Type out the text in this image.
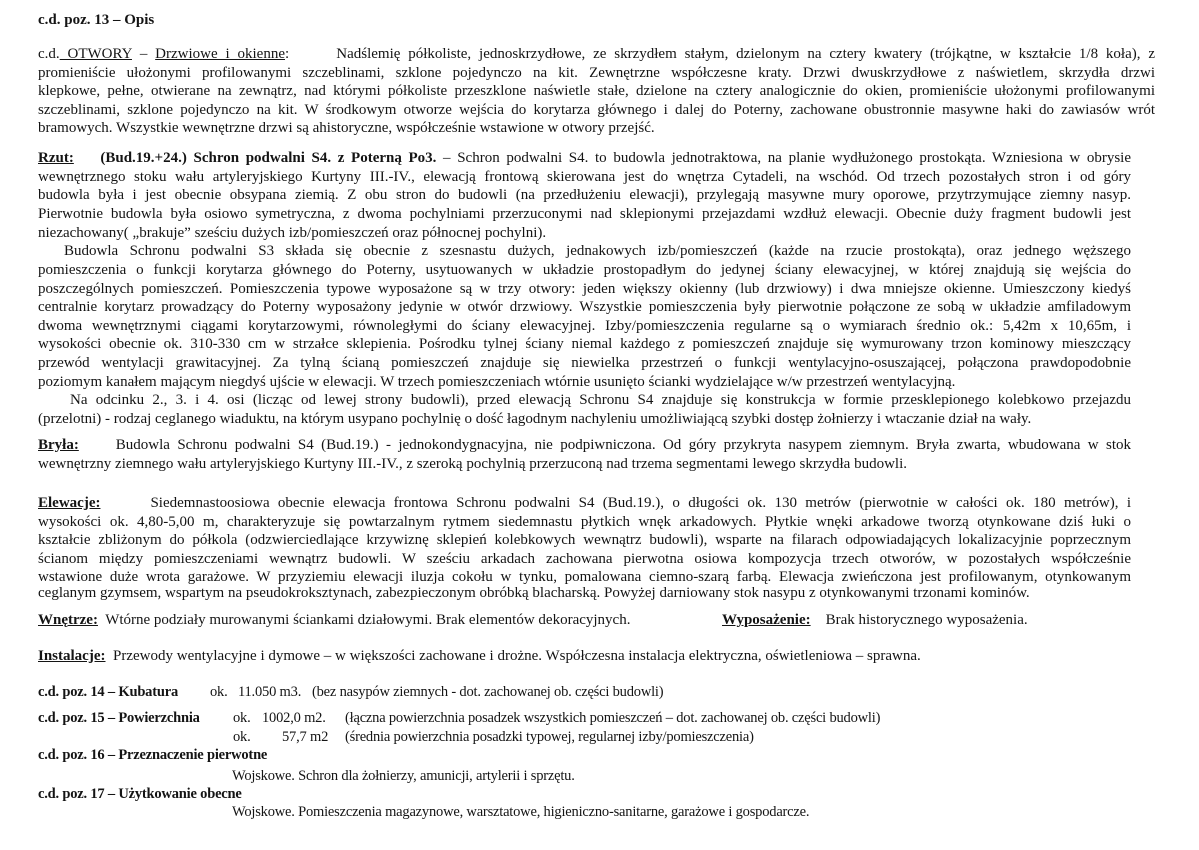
c.d. poz. 13 – Opis
c.d. OTWORY – Drzwiowe i okienne:	Nadślemię półkoliste, jednoskrzydłowe, ze skrzydłem stałym, dzielonym na cztery kwatery (trójkątne, w kształcie 1/8 koła), z
promieniście ułożonymi profilowanymi szczeblinami, szklone pojedynczo na kit. Zewnętrzne współczesne kraty. Drzwi dwuskrzydłowe z naświetlem, skrzydła drzwi
klepkowe, pełne, otwierane na zewnątrz, nad którymi półkoliste przeszklone naświetle stałe, dzielone na cztery analogicznie do okien, promieniście ułożonymi profilowanymi
szczeblinami, szklone pojedynczo na kit. W środkowym otworze wejścia do korytarza głównego i dalej do Poterny, zachowane obustronnie masywne haki do zawiasów wrót
bramowych. Wszystkie wewnętrzne drzwi są ahistoryczne, współcześnie wstawione w otwory przejść.
Rzut: (Bud.19.+24.) Schron podwalni S4. z Poterną Po3. – Schron podwalni S4. to budowla jednotraktowa, na planie wydłużonego prostokąta. Wzniesiona w obrysie
wewnętrznego stoku wału artyleryjskiego Kurtyny III.-IV., elewacją frontową skierowana jest do wnętrza Cytadeli, na wschód. Od trzech pozostałych stron i od góry
budowla była i jest obecnie obsypana ziemią. Z obu stron do budowli (na przedłużeniu elewacji), przylegają masywne mury oporowe, przytrzymujące ziemny nasyp.
Pierwotnie budowla była osiowo symetryczna, z dwoma pochylniami przerzuconymi nad sklepionymi przejazdami wzdłuż elewacji. Obecnie duży fragment budowli jest
niezachowany( „brakuje” sześciu dużych izb/pomieszczeń oraz północnej pochylni).
Budowla Schronu podwalni S3 składa się obecnie z szesnastu dużych, jednakowych izb/pomieszczeń (każde na rzucie prostokąta), oraz jednego węższego
pomieszczenia o funkcji korytarza głównego do Poterny, usytuowanych w układzie prostopadłym do jedynej ściany elewacyjnej, w której znajdują się wejścia do
poszczególnych pomieszczeń. Pomieszczenia typowe wyposażone są w trzy otwory: jeden większy okienny (lub drzwiowy) i dwa mniejsze okienne. Umieszczony kiedyś
centralnie korytarz prowadzący do Poterny wyposażony jedynie w otwór drzwiowy. Wszystkie pomieszczenia były pierwotnie połączone ze sobą w układzie amfiladowym
dwoma wewnętrznymi ciągami korytarzowymi, równoległymi do ściany elewacyjnej. Izby/pomieszczenia regularne są o wymiarach średnio ok.: 5,42m x 10,65m, i
wysokości obecnie ok. 310-330 cm w strzałce sklepienia. Pośrodku tylnej ściany niemal każdego z pomieszczeń znajduje się wymurowany trzon kominowy mieszczący
przewód wentylacji grawitacyjnej. Za tylną ścianą pomieszczeń znajduje się niewielka przestrzeń o funkcji wentylacyjno-osuszającej, połączona prawdopodobnie
poziomym kanałem mającym niegdyś ujście w elewacji. W trzech pomieszczeniach wtórnie usunięto ścianki wydzielające w/w przestrzeń wentylacyjną.
Na odcinku 2., 3. i 4. osi (licząc od lewej strony budowli), przed elewacją Schronu S4 znajduje się konstrukcja w formie przesklepionego kolebkowo przejazdu
(przelotni) - rodzaj ceglanego wiaduktu, na którym usypano pochylnię o dość łagodnym nachyleniu umożliwiającą szybki dostęp żołnierzy i wtaczanie dział na wały.
Bryła: Budowla Schronu podwalni S4 (Bud.19.) - jednokondygnacyjna, nie podpiwniczona. Od góry przykryta nasypem ziemnym. Bryła zwarta, wbudowana w stok
wewnętrzny ziemnego wału artyleryjskiego Kurtyny III.-IV., z szeroką pochylnią przerzuconą nad trzema segmentami lewego skrzydła budowli.
Elewacje:	Siedemnastoosiowa obecnie elewacja frontowa Schronu podwalni S4 (Bud.19.), o długości ok. 130 metrów (pierwotnie w całości ok. 180 metrów), i
wysokości ok. 4,80-5,00 m, charakteryzuje się powtarzalnym rytmem siedemnastu płytkich wnęk arkadowych. Płytkie wnęki arkadowe tworzą otynkowane dziś łuki o
kształcie zbliżonym do półkola (odzwierciedlające krzywiznę sklepień kolebkowych wewnątrz budowli), wsparte na filarach odpowiadających lokalizacyjnie poprzecznym
ścianom między pomieszczeniami wewnątrz budowli. W sześciu arkadach zachowana pierwotna osiowa kompozycja trzech otworów, w pozostałych współcześnie
wstawione duże wrota garażowe. W przyziemiu elewacji iluzja cokołu w tynku, pomalowana ciemno-szarą farbą. Elewacja zwieńczona jest profilowanym, otynkowanym
ceglanym gzymsem, wspartym na pseudokroksztynach, zabezpieczonym obróbką blacharską. Powyżej darniowany stok nasypu z otynkowanymi trzonami kominów.
Wnętrze: Wtórne podziały murowanymi ściankami działowymi. Brak elementów dekoracyjnych.	Wyposażenie: Brak historycznego wyposażenia.
Instalacje: Przewody wentylacyjne i dymowe – w większości zachowane i drożne. Współczesna instalacja elektryczna, oświetleniowa – sprawna.
c.d. poz. 14 – Kubatura ok. 11.050 m3. (bez nasypów ziemnych - dot. zachowanej ob. części budowli)
c.d. poz. 15 – Powierzchnia ok. 1002,0 m2. (łączna powierzchnia posadzek wszystkich pomieszczeń – dot. zachowanej ob. części budowli)
ok. 57,7 m2 (średnia powierzchnia posadzki typowej, regularnej izby/pomieszczenia)
c.d. poz. 16 – Przeznaczenie pierwotne
Wojskowe. Schron dla żołnierzy, amunicji, artylerii i sprzętu.
c.d. poz. 17 – Użytkowanie obecne
Wojskowe. Pomieszczenia magazynowe, warsztatowe, higieniczno-sanitarne, garażowe i gospodarcze.
